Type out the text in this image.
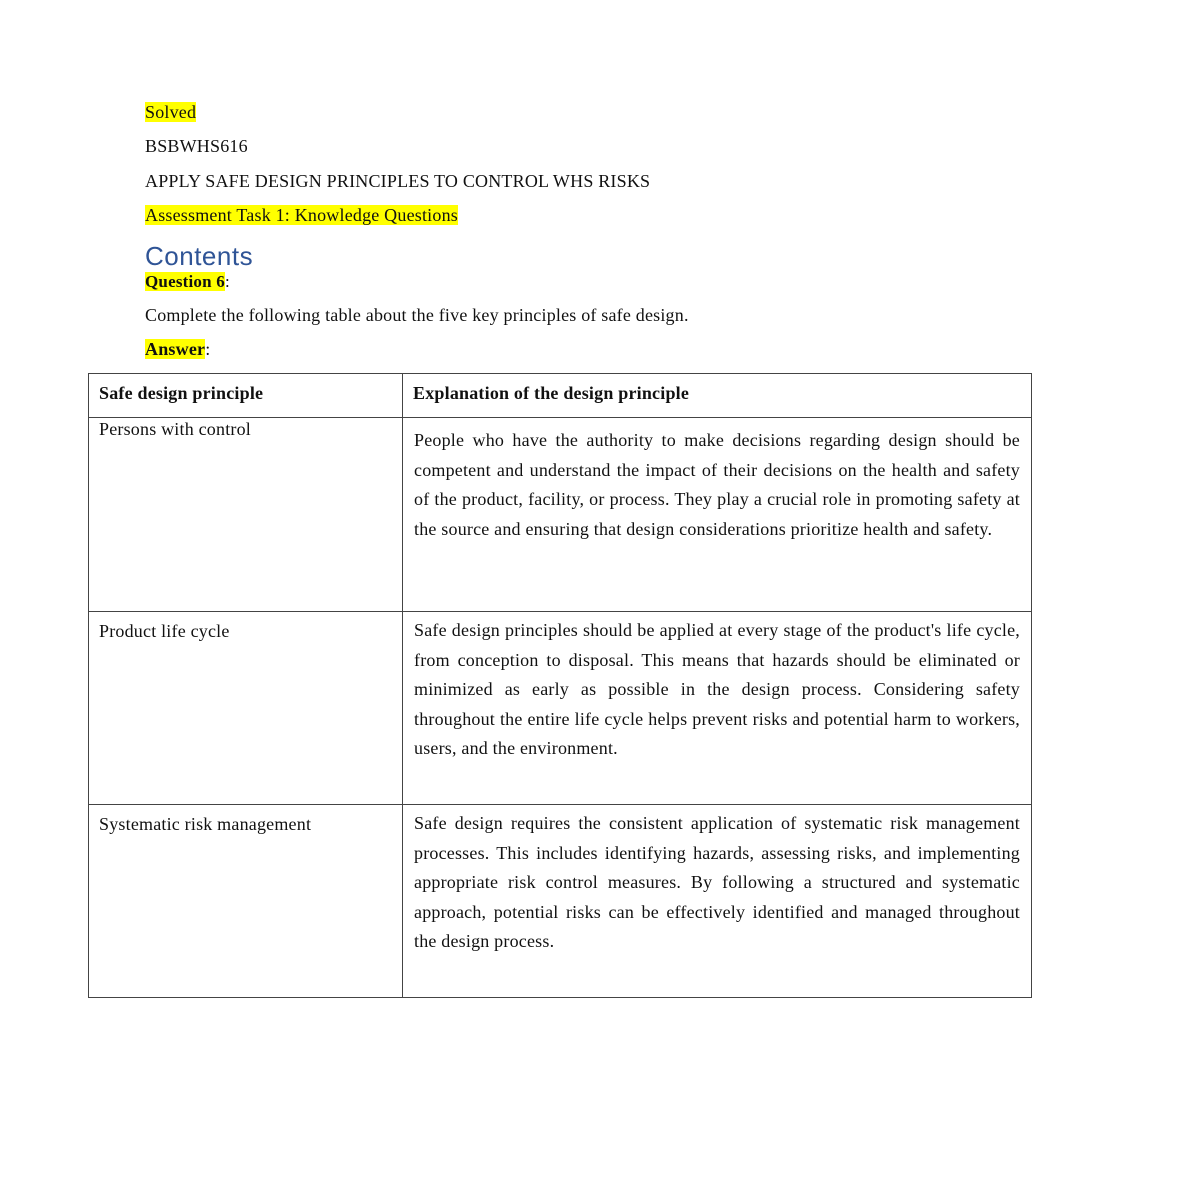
Solved
BSBWHS616
APPLY SAFE DESIGN PRINCIPLES TO CONTROL WHS RISKS
Assessment Task 1: Knowledge Questions
Contents
Question 6:
Complete the following table about the five key principles of safe design.
Answer:
Safe design principle	Explanation of the design principle

Persons with control	People who have the authority to make decisions regarding design should be competent and understand the impact of their decisions on the health and safety of the product, facility, or process. They play a crucial role in promoting safety at the source and ensuring that design considerations prioritize health and safety.

Product life cycle	Safe design principles should be applied at every stage of the product's life cycle, from conception to disposal. This means that hazards should be eliminated or minimized as early as possible in the design process. Considering safety throughout the entire life cycle helps prevent risks and potential harm to workers, users, and the environment.

Systematic risk management	Safe design requires the consistent application of systematic risk management processes. This includes identifying hazards, assessing risks, and implementing appropriate risk control measures. By following a structured and systematic approach, potential risks can be effectively identified and managed throughout the design process.
